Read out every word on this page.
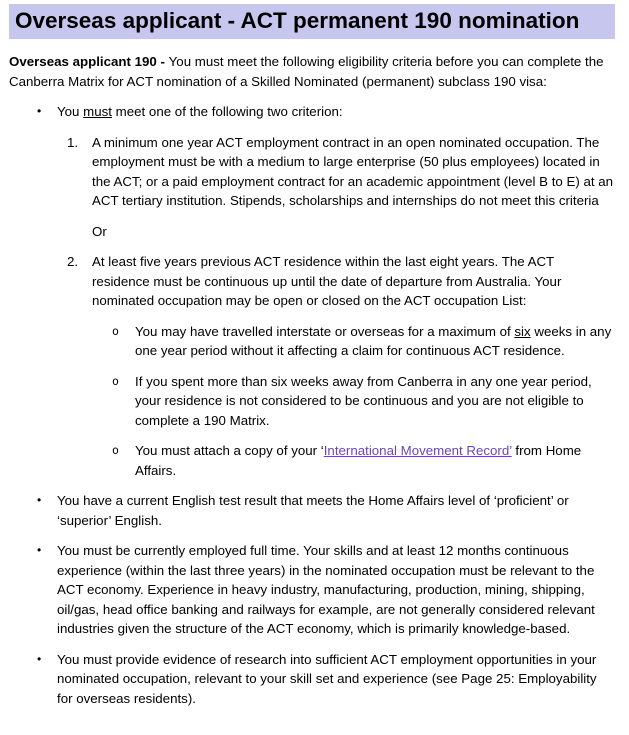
Overseas applicant - ACT permanent 190 nomination

Overseas applicant 190 - You must meet the following eligibility criteria before you can complete the Canberra Matrix for ACT nomination of a Skilled Nominated (permanent) subclass 190 visa:

•	You must meet one of the following two criterion:
1.	A minimum one year ACT employment contract in an open nominated occupation. The employment must be with a medium to large enterprise (50 plus employees) located in the ACT; or a paid employment contract for an academic appointment (level B to E) at an ACT tertiary institution. Stipends, scholarships and internships do not meet this criteria

Or

2.	At least five years previous ACT residence within the last eight years. The ACT residence must be continuous up until the date of departure from Australia. Your nominated occupation may be open or closed on the ACT occupation List:
o	You may have travelled interstate or overseas for a maximum of six weeks in any one year period without it affecting a claim for continuous ACT residence.
o	If you spent more than six weeks away from Canberra in any one year period, your residence is not considered to be continuous and you are not eligible to complete a 190 Matrix.
o	You must attach a copy of your ‘International Movement Record’ from Home Affairs.
•	You have a current English test result that meets the Home Affairs level of ‘proficient’ or ‘superior’ English.
•	You must be currently employed full time. Your skills and at least 12 months continuous experience (within the last three years) in the nominated occupation must be relevant to the ACT economy. Experience in heavy industry, manufacturing, production, mining, shipping, oil/gas, head office banking and railways for example, are not generally considered relevant industries given the structure of the ACT economy, which is primarily knowledge-based.
•	You must provide evidence of research into sufficient ACT employment opportunities in your nominated occupation, relevant to your skill set and experience (see Page 25: Employability for overseas residents).
